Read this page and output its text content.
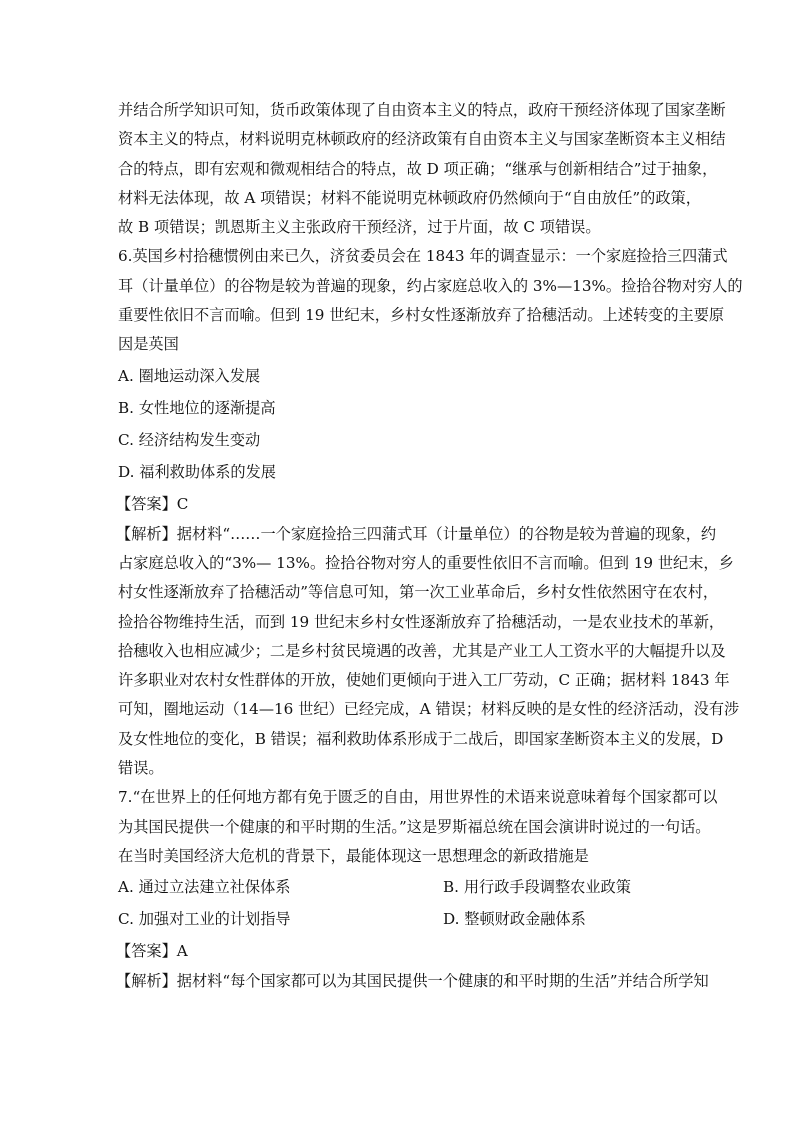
并结合所学知识可知，货币政策体现了自由资本主义的特点，政府干预经济体现了国家垄断
资本主义的特点，材料说明克林顿政府的经济政策有自由资本主义与国家垄断资本主义相结
合的特点，即有宏观和微观相结合的特点，故 D 项正确；“继承与创新相结合”过于抽象，
材料无法体现，故 A 项错误；材料不能说明克林顿政府仍然倾向于“自由放任”的政策，
故 B 项错误；凯恩斯主义主张政府干预经济，过于片面，故 C 项错误。
6.英国乡村拾穗惯例由来已久，济贫委员会在 1843 年的调查显示：一个家庭捡拾三四蒲式
耳（计量单位）的谷物是较为普遍的现象，约占家庭总收入的 3%—13%。捡拾谷物对穷人的
重要性依旧不言而喻。但到 19 世纪末，乡村女性逐渐放弃了拾穗活动。上述转变的主要原
因是英国
A. 圈地运动深入发展
B. 女性地位的逐渐提高
C. 经济结构发生变动
D. 福利救助体系的发展
【答案】C
【解析】据材料“……一个家庭捡拾三四蒲式耳（计量单位）的谷物是较为普遍的现象，约
占家庭总收入的“3%— 13%。捡拾谷物对穷人的重要性依旧不言而喻。但到 19 世纪末，乡
村女性逐渐放弃了拾穗活动”等信息可知，第一次工业革命后，乡村女性依然困守在农村，
捡拾谷物维持生活，而到 19 世纪末乡村女性逐渐放弃了拾穗活动，一是农业技术的革新，
拾穗收入也相应减少；二是乡村贫民境遇的改善，尤其是产业工人工资水平的大幅提升以及
许多职业对农村女性群体的开放，使她们更倾向于进入工厂劳动，C 正确；据材料 1843 年
可知，圈地运动（14—16 世纪）已经完成，A 错误；材料反映的是女性的经济活动，没有涉
及女性地位的变化，B 错误；福利救助体系形成于二战后，即国家垄断资本主义的发展，D
错误。
7.“在世界上的任何地方都有免于匮乏的自由，用世界性的术语来说意味着每个国家都可以
为其国民提供一个健康的和平时期的生活。”这是罗斯福总统在国会演讲时说过的一句话。
在当时美国经济大危机的背景下，最能体现这一思想理念的新政措施是
A. 通过立法建立社保体系	B. 用行政手段调整农业政策
C. 加强对工业的计划指导	D. 整顿财政金融体系
【答案】A
【解析】据材料“每个国家都可以为其国民提供一个健康的和平时期的生活”并结合所学知
